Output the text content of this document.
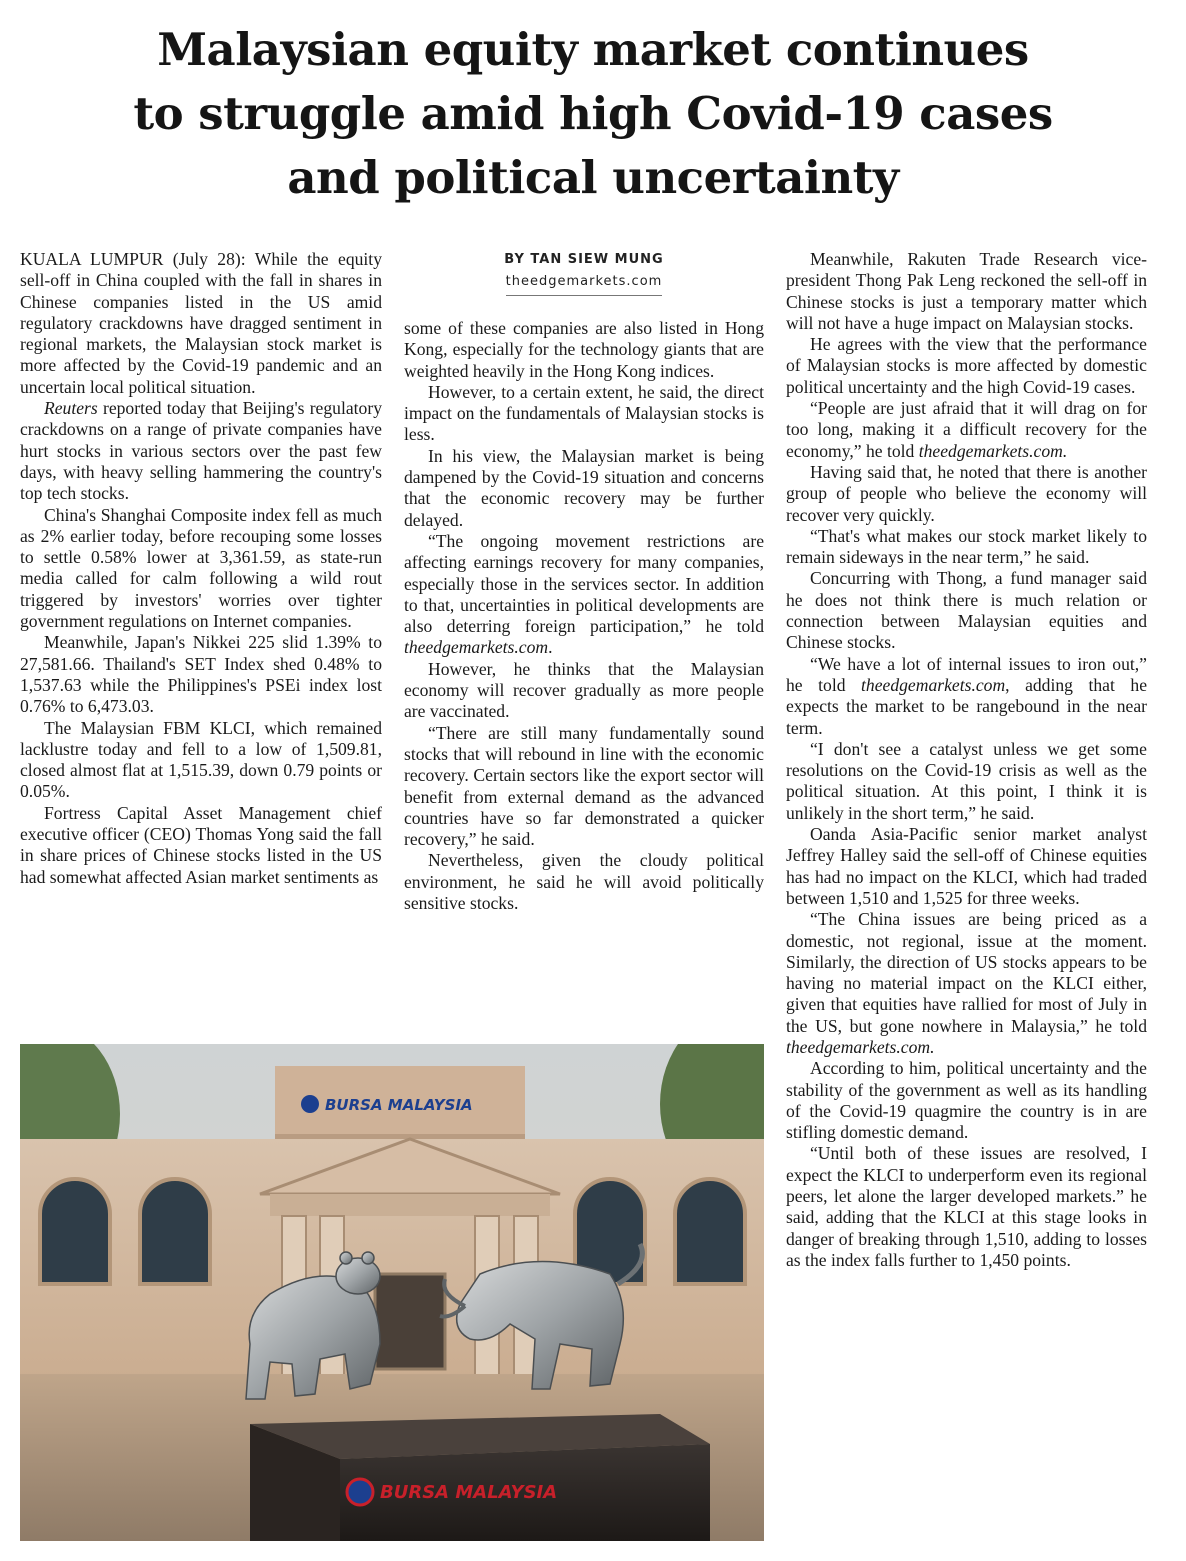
Malaysian equity market continues
to struggle amid high Covid-19 cases
and political uncertainty

KUALA LUMPUR (July 28): While the equity sell-off in China coupled with the fall in shares in Chinese companies listed in the US amid regulatory crackdowns have dragged sentiment in regional markets, the Malaysian stock market is more affected by the Covid-19 pandemic and an uncertain local political situation.

Reuters reported today that Beijing's regulatory crackdowns on a range of private companies have hurt stocks in various sectors over the past few days, with heavy selling hammering the country's top tech stocks.

China's Shanghai Composite index fell as much as 2% earlier today, before recouping some losses to settle 0.58% lower at 3,361.59, as state-run media called for calm following a wild rout triggered by investors' worries over tighter government regulations on Internet companies.

Meanwhile, Japan's Nikkei 225 slid 1.39% to 27,581.66. Thailand's SET Index shed 0.48% to 1,537.63 while the Philippines's PSEi index lost 0.76% to 6,473.03.

The Malaysian FBM KLCI, which remained lacklustre today and fell to a low of 1,509.81, closed almost flat at 1,515.39, down 0.79 points or 0.05%.

Fortress Capital Asset Management chief executive officer (CEO) Thomas Yong said the fall in share prices of Chinese stocks listed in the US had somewhat affected Asian market sentiments as

BY TAN SIEW MUNG
theedgemarkets.com

some of these companies are also listed in Hong Kong, especially for the technology giants that are weighted heavily in the Hong Kong indices.

However, to a certain extent, he said, the direct impact on the fundamentals of Malaysian stocks is less.

In his view, the Malaysian market is being dampened by the Covid-19 situation and concerns that the economic recovery may be further delayed.

“The ongoing movement restrictions are affecting earnings recovery for many companies, especially those in the services sector. In addition to that, uncertainties in political developments are also deterring foreign participation,” he told theedgemarkets.com.

However, he thinks that the Malaysian economy will recover gradually as more people are vaccinated.

“There are still many fundamentally sound stocks that will rebound in line with the economic recovery. Certain sectors like the export sector will benefit from external demand as the advanced countries have so far demonstrated a quicker recovery,” he said.

Nevertheless, given the cloudy political environment, he said he will avoid politically sensitive stocks.

Meanwhile, Rakuten Trade Research vice-president Thong Pak Leng reckoned the sell-off in Chinese stocks is just a temporary matter which will not have a huge impact on Malaysian stocks.

He agrees with the view that the performance of Malaysian stocks is more affected by domestic political uncertainty and the high Covid-19 cases.

“People are just afraid that it will drag on for too long, making it a difficult recovery for the economy,” he told theedgemarkets.com.

Having said that, he noted that there is another group of people who believe the economy will recover very quickly.

“That's what makes our stock market likely to remain sideways in the near term,” he said.

Concurring with Thong, a fund manager said he does not think there is much relation or connection between Malaysian equities and Chinese stocks.

“We have a lot of internal issues to iron out,” he told theedgemarkets.com, adding that he expects the market to be rangebound in the near term.

“I don't see a catalyst unless we get some resolutions on the Covid-19 crisis as well as the political situation. At this point, I think it is unlikely in the short term,” he said.

Oanda Asia-Pacific senior market analyst Jeffrey Halley said the sell-off of Chinese equities has had no impact on the KLCI, which had traded between 1,510 and 1,525 for three weeks.

“The China issues are being priced as a domestic, not regional, issue at the moment. Similarly, the direction of US stocks appears to be having no material impact on the KLCI either, given that equities have rallied for most of July in the US, but gone nowhere in Malaysia,” he told theedgemarkets.com.

According to him, political uncertainty and the stability of the government as well as its handling of the Covid-19 quagmire the country is in are stifling domestic demand.

“Until both of these issues are resolved, I expect the KLCI to underperform even its regional peers, let alone the larger developed markets.” he said, adding that the KLCI at this stage looks in danger of breaking through 1,510, adding to losses as the index falls further to 1,450 points.

BURSA MALAYSIA
BURSA MALAYSIA
